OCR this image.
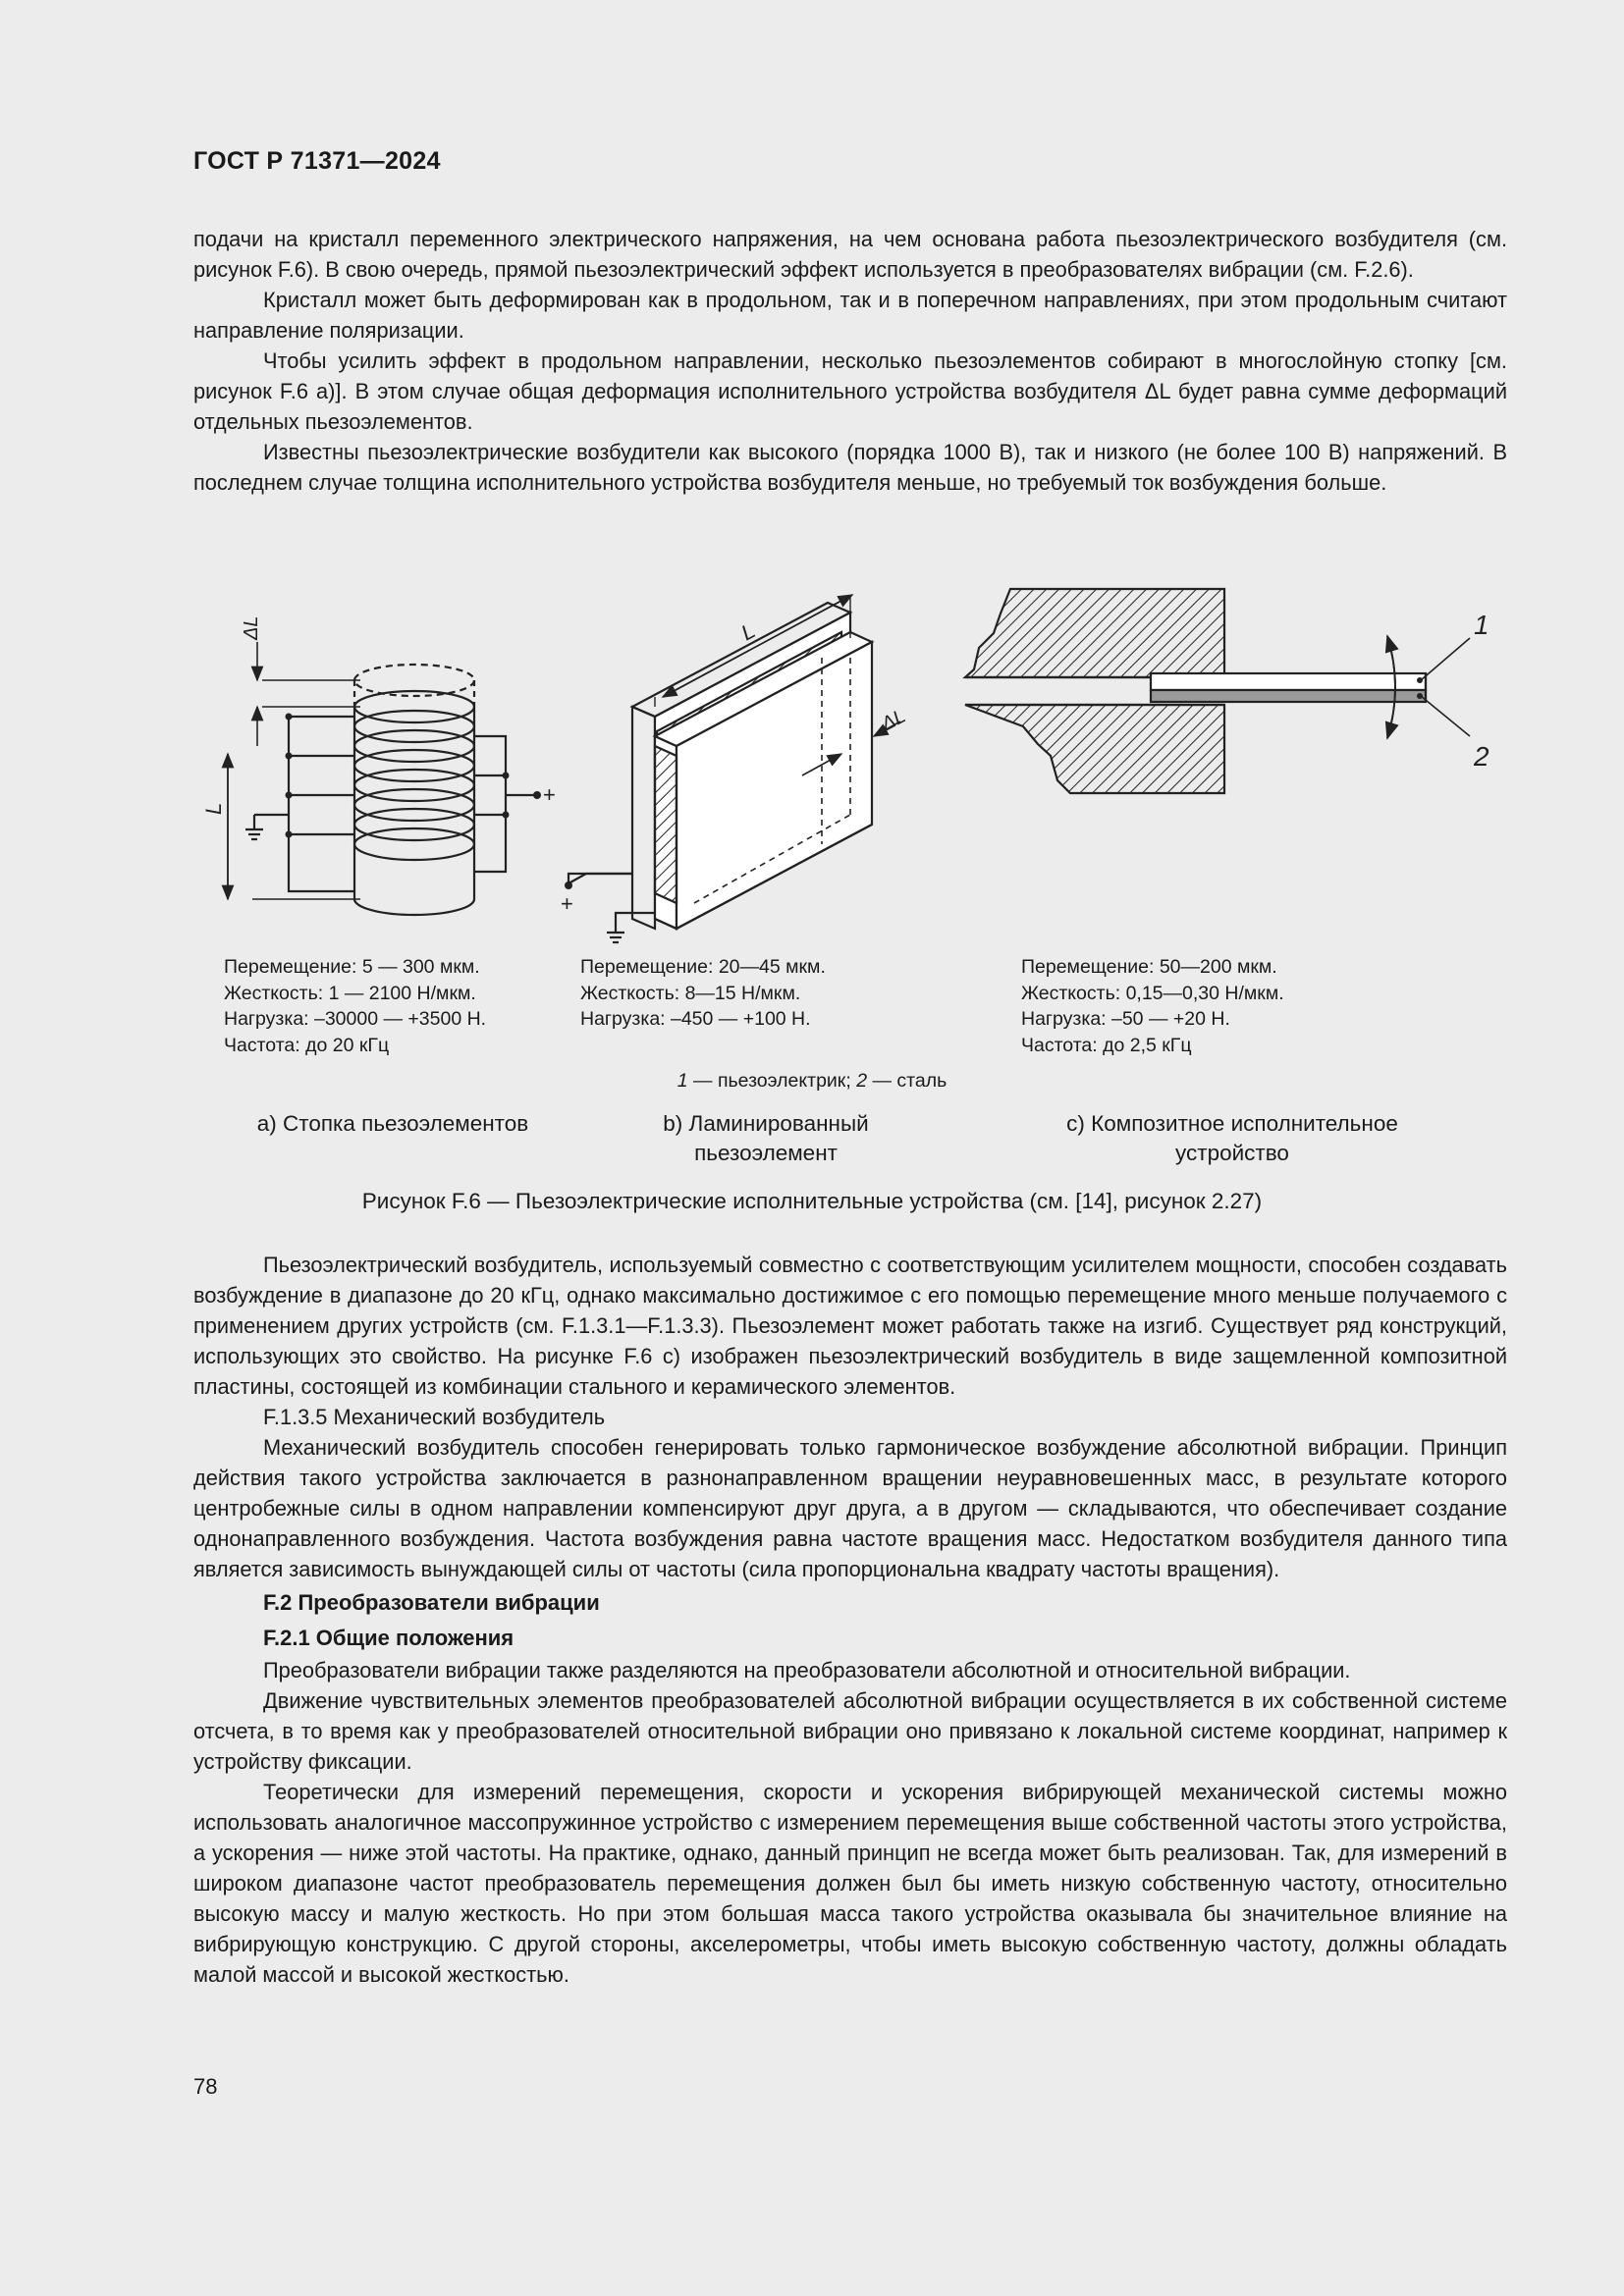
ГОСТ Р 71371—2024

подачи на кристалл переменного электрического напряжения, на чем основана работа пьезоэлектрического возбудителя (см. рисунок F.6). В свою очередь, прямой пьезоэлектрический эффект используется в преобразователях вибрации (см. F.2.6).

Кристалл может быть деформирован как в продольном, так и в поперечном направлениях, при этом продольным считают направление поляризации.

Чтобы усилить эффект в продольном направлении, несколько пьезоэлементов собирают в многослойную стопку [см. рисунок F.6 а)]. В этом случае общая деформация исполнительного устройства возбудителя ΔL будет равна сумме деформаций отдельных пьезоэлементов.

Известны пьезоэлектрические возбудители как высокого (порядка 1000 В), так и низкого (не более 100 В) напряжений. В последнем случае толщина исполнительного устройства возбудителя меньше, но требуемый ток возбуждения больше.

ΔL
L
+
+
L
ΔL
1
2
Перемещение: 5 — 300 мкм.
Жесткость: 1 — 2100 Н/мкм.
Нагрузка: –30000 — +3500 Н.
Частота: до 20 кГц
Перемещение: 20—45 мкм.
Жесткость: 8—15 Н/мкм.
Нагрузка: –450 — +100 Н.
Перемещение: 50—200 мкм.
Жесткость: 0,15—0,30 Н/мкм.
Нагрузка: –50 — +20 Н.
Частота: до 2,5 кГц
1 — пьезоэлектрик; 2 — сталь
а) Стопка пьезоэлементов	b) Ламинированный
пьезоэлемент
с) Композитное исполнительное
устройство
Рисунок F.6 — Пьезоэлектрические исполнительные устройства (см. [14], рисунок 2.27)

Пьезоэлектрический возбудитель, используемый совместно с соответствующим усилителем мощности, способен создавать возбуждение в диапазоне до 20 кГц, однако максимально достижимое с его помощью перемещение много меньше получаемого с применением других устройств (см. F.1.3.1—F.1.3.3). Пьезоэлемент может работать также на изгиб. Существует ряд конструкций, использующих это свойство. На рисунке F.6 с) изображен пьезоэлектрический возбудитель в виде защемленной композитной пластины, состоящей из комбинации стального и керамического элементов.

F.1.3.5 Механический возбудитель

Механический возбудитель способен генерировать только гармоническое возбуждение абсолютной вибрации. Принцип действия такого устройства заключается в разнонаправленном вращении неуравновешенных масс, в результате которого центробежные силы в одном направлении компенсируют друг друга, а в другом — складываются, что обеспечивает создание однонаправленного возбуждения. Частота возбуждения равна частоте вращения масс. Недостатком возбудителя данного типа является зависимость вынуждающей силы от частоты (сила пропорциональна квадрату частоты вращения).

F.2 Преобразователи вибрации
F.2.1 Общие положения

Преобразователи вибрации также разделяются на преобразователи абсолютной и относительной вибрации.

Движение чувствительных элементов преобразователей абсолютной вибрации осуществляется в их собственной системе отсчета, в то время как у преобразователей относительной вибрации оно привязано к локальной системе координат, например к устройству фиксации.

Теоретически для измерений перемещения, скорости и ускорения вибрирующей механической системы можно использовать аналогичное массопружинное устройство с измерением перемещения выше собственной частоты этого устройства, а ускорения — ниже этой частоты. На практике, однако, данный принцип не всегда может быть реализован. Так, для измерений в широком диапазоне частот преобразователь перемещения должен был бы иметь низкую собственную частоту, относительно высокую массу и малую жесткость. Но при этом большая масса такого устройства оказывала бы значительное влияние на вибрирующую конструкцию. С другой стороны, акселерометры, чтобы иметь высокую собственную частоту, должны обладать малой массой и высокой жесткостью.

78
